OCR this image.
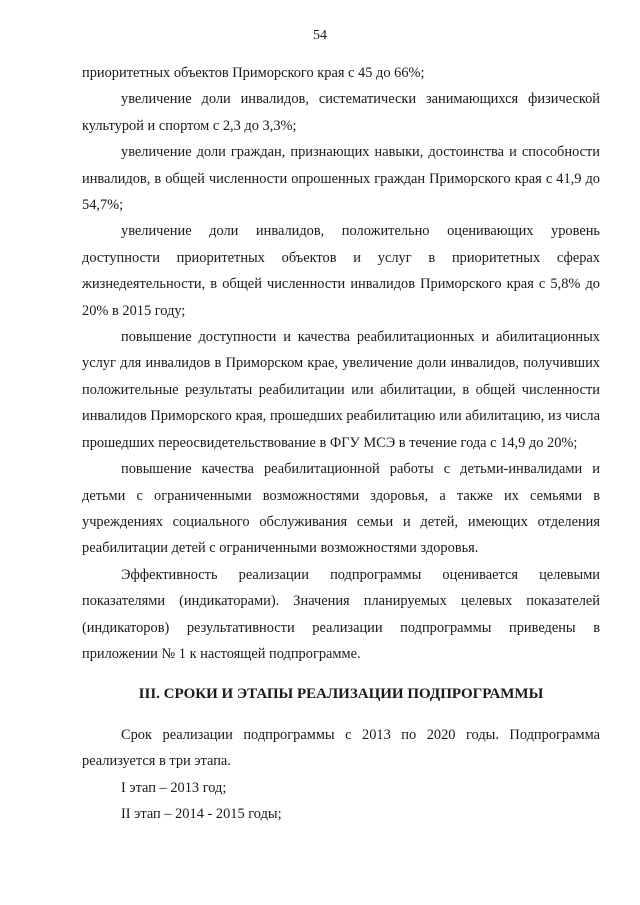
54

приоритетных объектов Приморского края с 45 до 66%;

увеличение доли инвалидов, систематически занимающихся физической культурой и спортом с 2,3 до 3,3%;

увеличение доли граждан, признающих навыки, достоинства и способности инвалидов, в общей численности опрошенных граждан Приморского края с 41,9 до 54,7%;

увеличение доли инвалидов, положительно оценивающих уровень доступности приоритетных объектов и услуг в приоритетных сферах жизнедеятельности, в общей численности инвалидов Приморского края с 5,8% до 20% в 2015 году;

повышение доступности и качества реабилитационных и абилитационных услуг для инвалидов в Приморском крае, увеличение доли инвалидов, получивших положительные результаты реабилитации или абилитации, в общей численности инвалидов Приморского края, прошедших реабилитацию или абилитацию, из числа прошедших переосвидетельствование в ФГУ МСЭ в течение года с 14,9 до 20%;

повышение качества реабилитационной работы с детьми-инвалидами и детьми с ограниченными возможностями здоровья, а также их семьями в учреждениях социального обслуживания семьи и детей, имеющих отделения реабилитации детей с ограниченными возможностями здоровья.

Эффективность реализации подпрограммы оценивается целевыми показателями (индикаторами). Значения планируемых целевых показателей (индикаторов) результативности реализации подпрограммы приведены в приложении № 1 к настоящей подпрограмме.

III. СРОКИ И ЭТАПЫ РЕАЛИЗАЦИИ ПОДПРОГРАММЫ

Срок реализации подпрограммы с 2013 по 2020 годы. Подпрограмма реализуется в три этапа.

I этап – 2013 год;

II этап – 2014 - 2015 годы;
